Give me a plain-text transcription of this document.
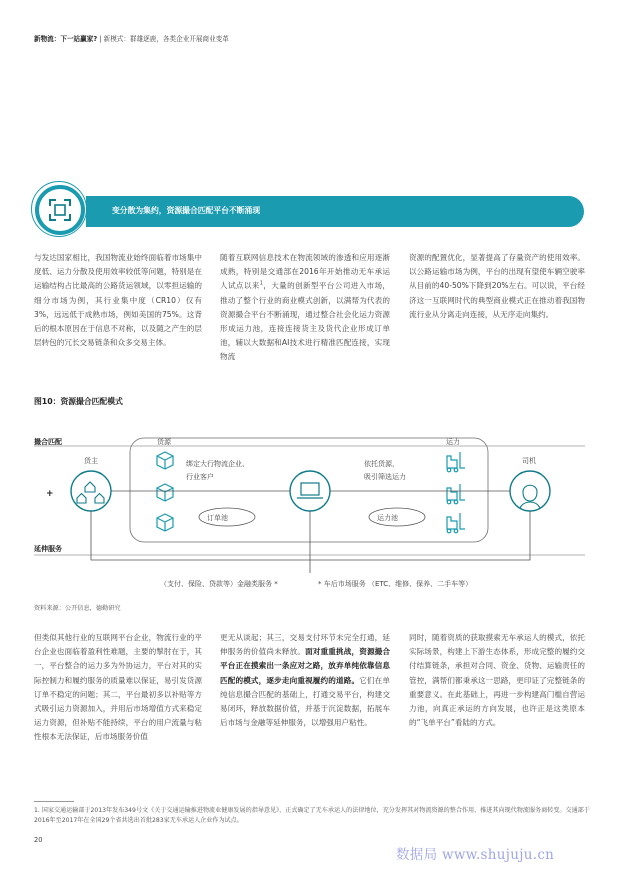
新物流：下一站赢家? | 新模式：群雄逐鹿，各类企业开展商业变革
变分散为集约，资源撮合匹配平台不断涌现
与发达国家相比，我国物流业始终面临着市场集中度低、运力分散及使用效率较低等问题，特别是在运输结构占比最高的公路货运领域，以零担运输的细分市场为例，其行业集中度（CR10）仅有3%，远远低于成熟市场，例如美国的75%。这背后的根本原因在于信息不对称，以及随之产生的层层转包的冗长交易链条和众多交易主体。
随着互联网信息技术在物流领域的渗透和应用逐渐成熟，特别是交通部在2016年开始推动无车承运人试点以来$^1$，大量的创新型平台公司进入市场，推动了整个行业的商业模式创新，以满帮为代表的资源撮合平台不断涌现，通过整合社会化运力资源形成运力池，连接连接货主及货代企业形成订单池，辅以大数据和AI技术进行精准匹配连接，实现物流
资源的配置优化，显著提高了存量资产的使用效率。以公路运输市场为例，平台的出现有望使车辆空驶率从目前的40-50%下降到20%左右。可以说，平台经济这一互联网时代的典型商业模式正在推动着我国物流行业从分离走向连接，从无序走向集约。
图10：资源撮合匹配模式
撮合匹配
+
延伸服务
货主
货源
绑定大行物流企业、
行业客户
订单池
运力
依托货源，
吸引筛选运力
运力池
司机
（支付、保险、贷款等）金融类服务 *	* 车后市场服务 （ETC、维修、保养、二手车等）
资料来源：公开信息，德勤研究
但类似其他行业的互联网平台企业，物流行业的平台企业也面临着盈利性难题，主要的掣肘在于，其一，平台整合的运力多为外协运力，平台对其的实际控制力和履约服务的质量难以保证，易引发货源订单不稳定的问题；其二，平台最初多以补贴等方式吸引运力资源加入，并用后市场增值方式来稳定运力资源，但补贴不能持续，平台的用户流量与粘性根本无法保证，后市场服务价值
更无从谈起；其三，交易支付环节未完全打通，延伸服务的价值尚未释放。面对重重挑战，资源撮合平台正在摸索出一条应对之路，放弃单纯依靠信息匹配的模式，逐步走向重视履约的道路。它们在单纯信息撮合匹配的基础上，打通交易平台，构建交易闭环，释放数据价值，并基于沉淀数据，拓展车后市场与金融等延伸服务，以增强用户粘性。
同时，随着资质的获取摸索无车承运人的模式，依托实际场景，构建上下游生态体系，形成完整的履约交付结算链条，承担对合同、资金、货物、运输责任的管控，满帮们都秉承这一思路，更印证了完整链条的重要意义。在此基础上，再进一步构建高门槛自营运力池，向真正承运的方向发展，也许正是这类原本的“飞单平台”看陆的方式。
1. 国家交通运输部于2013年发布349号文《关于交通运输推进物流业健康发展的指导意见》，正式确定了无车承运人的法律地位，充分发挥其对物流资源的整合作用，推进其向现代物流服务商转变。交通部于2016年至2017年在全国29个省共选出首批283家无车承运人企业作为试点。
20
数据局 www.shujuju.cn
